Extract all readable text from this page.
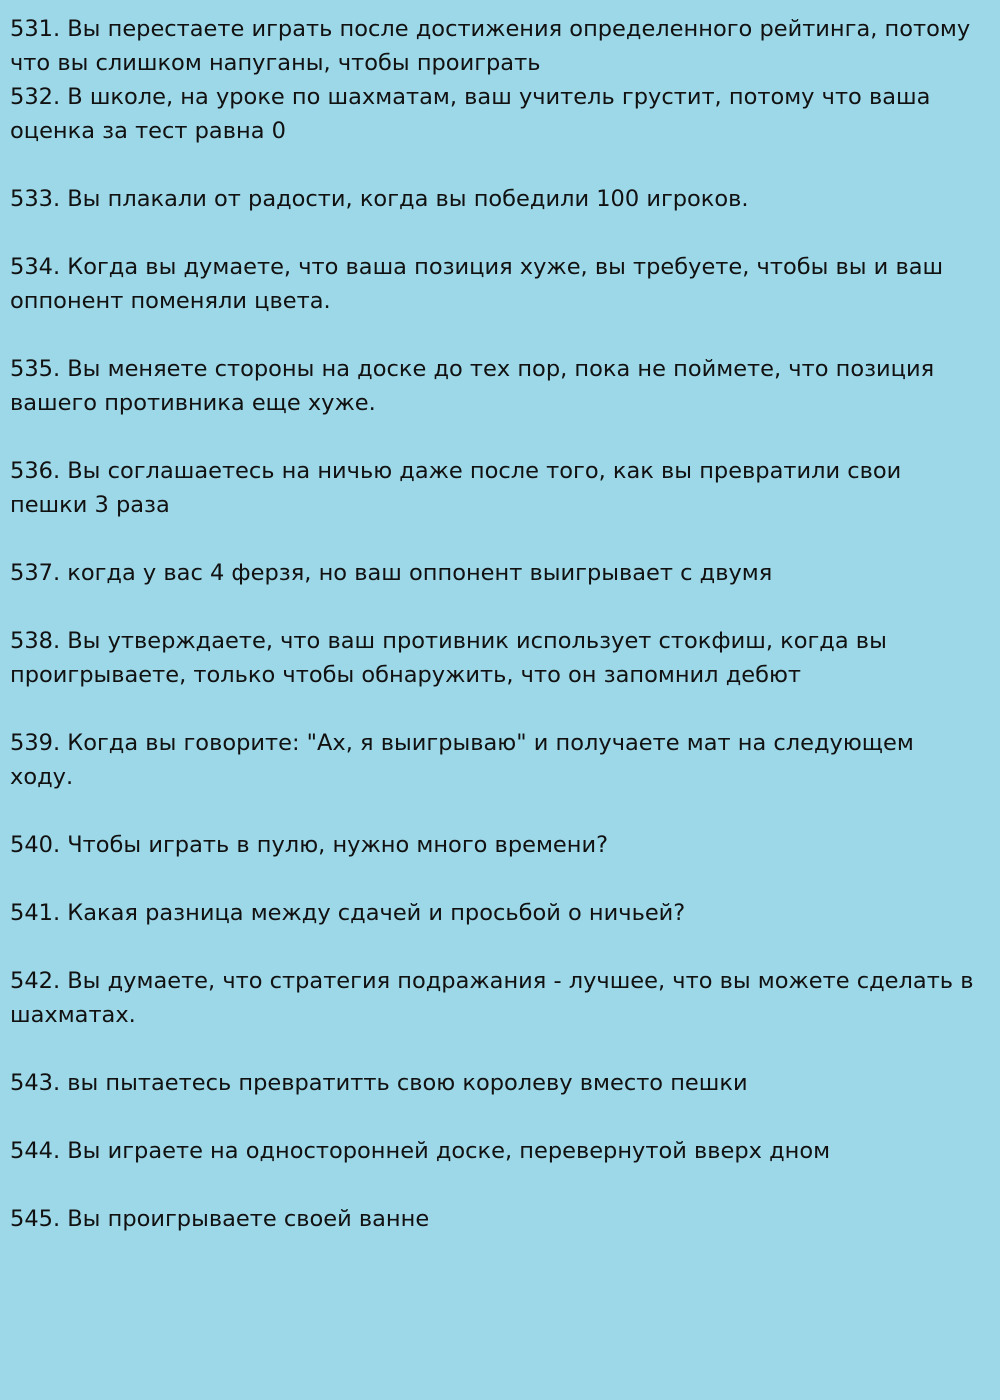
531. Вы перестаете играть после достижения определенного рейтинга, потому что вы слишком напуганы, чтобы проиграть
532. В школе, на уроке по шахматам, ваш учитель грустит, потому что ваша оценка за тест равна 0
533. Вы плакали от радости, когда вы победили 100 игроков.
534. Когда вы думаете, что ваша позиция хуже, вы требуете, чтобы вы и ваш оппонент поменяли цвета.
535. Вы меняете стороны на доске до тех пор, пока не поймете, что позиция вашего противника еще хуже.
536. Вы соглашаетесь на ничью даже после того, как вы превратили свои пешки 3 раза
537. когда у вас 4 ферзя, но ваш оппонент выигрывает с двумя
538. Вы утверждаете, что ваш противник использует стокфиш, когда вы проигрываете, только чтобы обнаружить, что он запомнил дебют
539. Когда вы говорите: "Ах, я выигрываю" и получаете мат на следующем ходу.
540. Чтобы играть в пулю, нужно много времени?
541. Какая разница между сдачей и просьбой о ничьей?
542. Вы думаете, что стратегия подражания - лучшее, что вы можете сделать в шахматах.
543. вы пытаетесь превратитть свою королеву вместо пешки
544. Вы играете на односторонней доске, перевернутой вверх дном
545. Вы проигрываете своей ванне
